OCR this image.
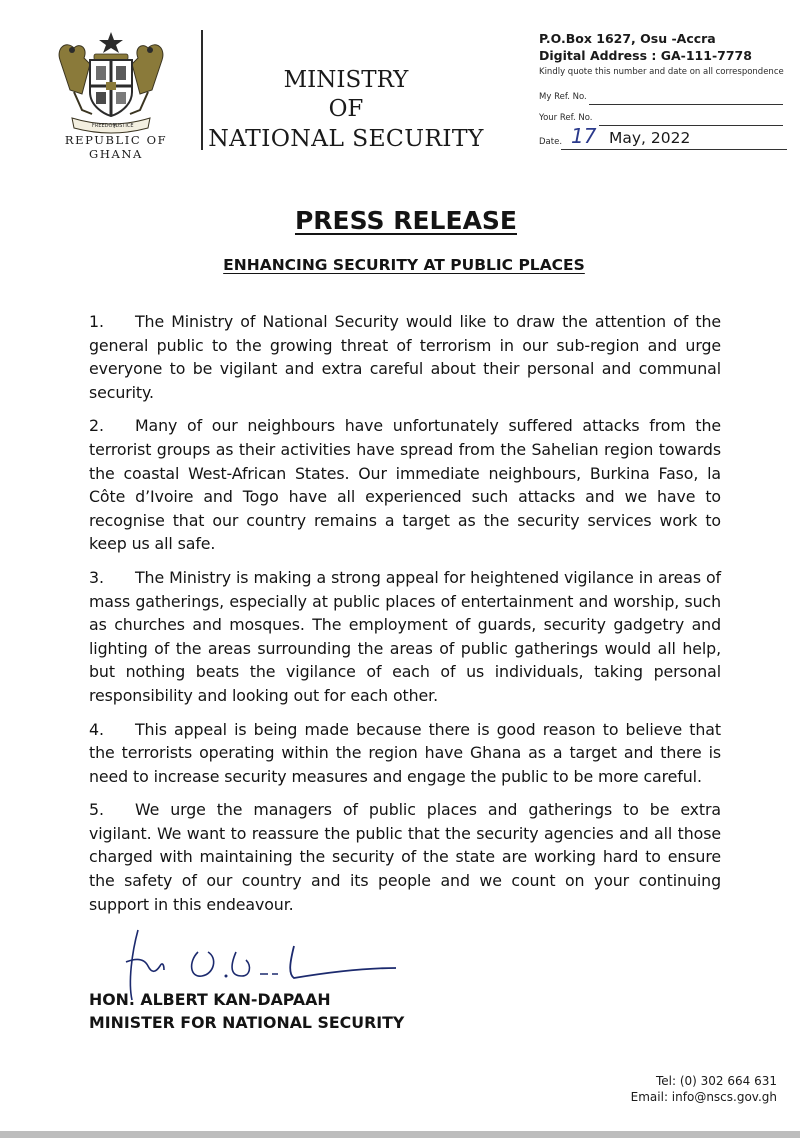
FREEDOM
JUSTICE
REPUBLIC OF GHANA
MINISTRY
OF
NATIONAL SECURITY
P.O.Box 1627, Osu -Accra
Digital Address : GA-111-7778
Kindly quote this number and date on all correspondence
My Ref. No.
Your Ref. No.
Date. 17 May, 2022
PRESS RELEASE
ENHANCING SECURITY AT PUBLIC PLACES

1. The Ministry of National Security would like to draw the attention of the general public to the growing threat of terrorism in our sub-region and urge everyone to be vigilant and extra careful about their personal and communal security.

2. Many of our neighbours have unfortunately suffered attacks from the terrorist groups as their activities have spread from the Sahelian region towards the coastal West-African States. Our immediate neighbours, Burkina Faso, la Côte d’Ivoire and Togo have all experienced such attacks and we have to recognise that our country remains a target as the security services work to keep us all safe.

3. The Ministry is making a strong appeal for heightened vigilance in areas of mass gatherings, especially at public places of entertainment and worship, such as churches and mosques. The employment of guards, security gadgetry and lighting of the areas surrounding the areas of public gatherings would all help, but nothing beats the vigilance of each of us individuals, taking personal responsibility and looking out for each other.

4. This appeal is being made because there is good reason to believe that the terrorists operating within the region have Ghana as a target and there is need to increase security measures and engage the public to be more careful.

5. We urge the managers of public places and gatherings to be extra vigilant. We want to reassure the public that the security agencies and all those charged with maintaining the security of the state are working hard to ensure the safety of our country and its people and we count on your continuing support in this endeavour.

HON. ALBERT KAN-DAPAAH
MINISTER FOR NATIONAL SECURITY
Tel: (0) 302 664 631
Email: info@nscs.gov.gh
